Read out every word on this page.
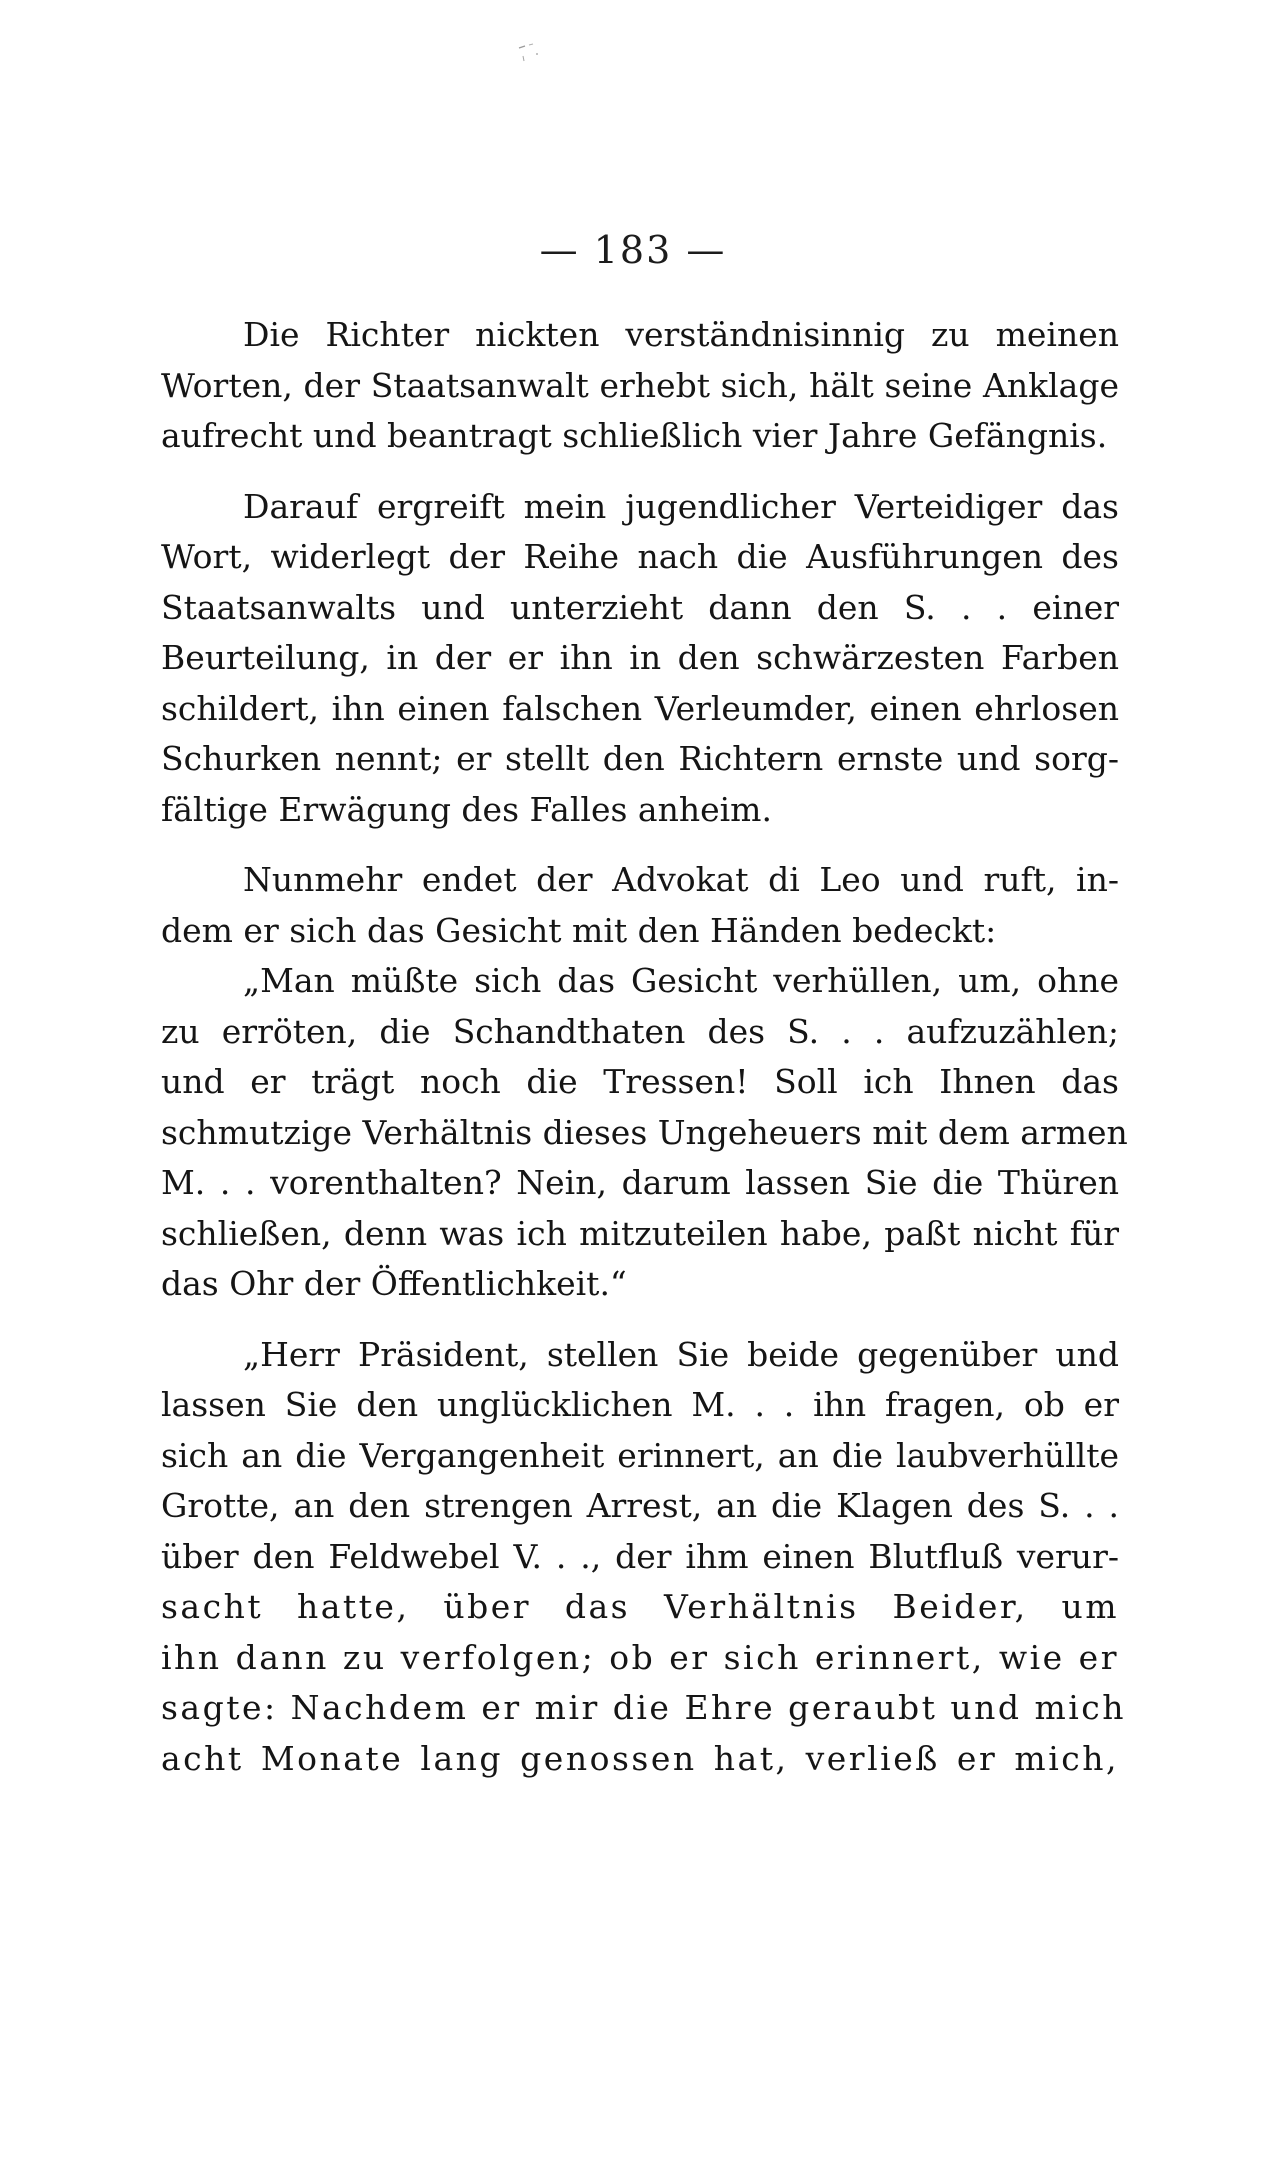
— 183 —
Die Richter nickten verständnisinnig zu meinen
Worten, der Staatsanwalt erhebt sich, hält seine Anklage
aufrecht und beantragt schließlich vier Jahre Gefängnis.
Darauf ergreift mein jugendlicher Verteidiger das
Wort, widerlegt der Reihe nach die Ausführungen des
Staatsanwalts und unterzieht dann den S. . . einer
Beurteilung, in der er ihn in den schwärzesten Farben
schildert, ihn einen falschen Verleumder, einen ehrlosen
Schurken nennt; er stellt den Richtern ernste und sorg-
fältige Erwägung des Falles anheim.
Nunmehr endet der Advokat di Leo und ruft, in-
dem er sich das Gesicht mit den Händen bedeckt:
„Man müßte sich das Gesicht verhüllen, um, ohne
zu erröten, die Schandthaten des S. . . aufzuzählen;
und er trägt noch die Tressen! Soll ich Ihnen das
schmutzige Verhältnis dieses Ungeheuers mit dem armen
M. . . vorenthalten? Nein, darum lassen Sie die Thüren
schließen, denn was ich mitzuteilen habe, paßt nicht für
das Ohr der Öffentlichkeit.“
„Herr Präsident, stellen Sie beide gegenüber und
lassen Sie den unglücklichen M. . . ihn fragen, ob er
sich an die Vergangenheit erinnert, an die laubverhüllte
Grotte, an den strengen Arrest, an die Klagen des S. . .
über den Feldwebel V. . ., der ihm einen Blutfluß verur-
sacht hatte, über das Verhältnis Beider, um
ihn dann zu verfolgen; ob er sich erinnert, wie er
sagte: Nachdem er mir die Ehre geraubt und mich
acht Monate lang genossen hat, verließ er mich,
